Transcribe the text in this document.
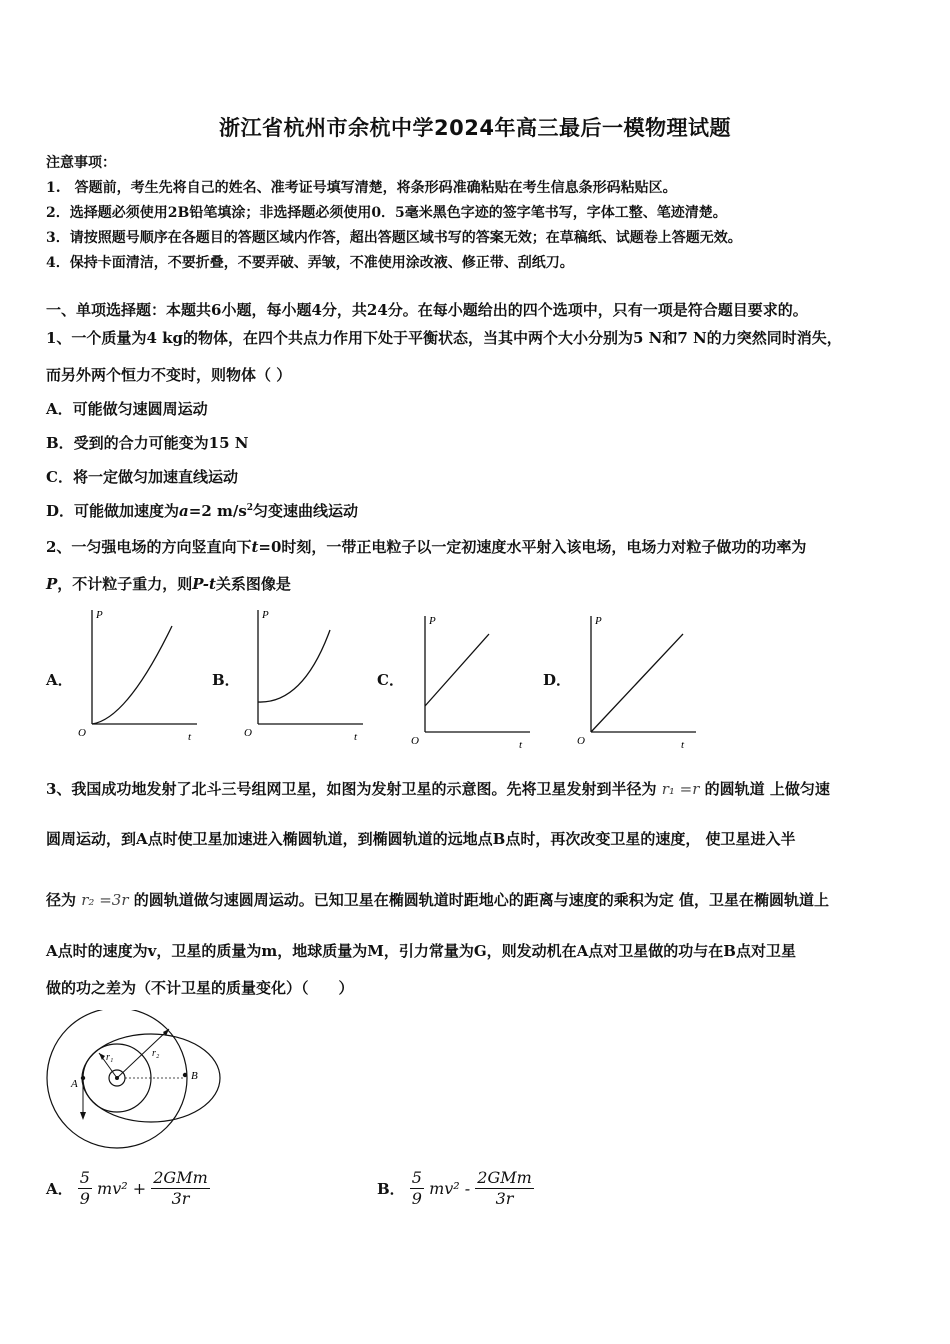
浙江省杭州市余杭中学2024年高三最后一模物理试题
注意事项：
1.　答题前，考生先将自己的姓名、准考证号填写清楚，将条形码准确粘贴在考生信息条形码粘贴区。
2．选择题必须使用2B铅笔填涂；非选择题必须使用0．5毫米黑色字迹的签字笔书写，字体工整、笔迹清楚。
3．请按照题号顺序在各题目的答题区域内作答，超出答题区域书写的答案无效；在草稿纸、试题卷上答题无效。
4．保持卡面清洁，不要折叠，不要弄破、弄皱，不准使用涂改液、修正带、刮纸刀。
一、单项选择题：本题共6小题，每小题4分，共24分。在每小题给出的四个选项中，只有一项是符合题目要求的。
1、一个质量为4 kg的物体，在四个共点力作用下处于平衡状态，当其中两个大小分别为5 N和7 N的力突然同时消失，
而另外两个恒力不变时，则物体（ ）
A．可能做匀速圆周运动
B．受到的合力可能变为15 N
C．将一定做匀加速直线运动
D．可能做加速度为a=2 $m/s^2$匀变速曲线运动
2、一匀强电场的方向竖直向下t=0时刻，一带正电粒子以一定初速度水平射入该电场，电场力对粒子做功的功率为
P，不计粒子重力，则P-t关系图像是
A．	B．	C．	D．
P
t
O
P
t
O
P
t
O
P
t
O
3、我国成功地发射了北斗三号组网卫星，如图为发射卫星的示意图。先将卫星发射到半径为 r₁ =r 的圆轨道 上做匀速
圆周运动，到A点时使卫星加速进入椭圆轨道，到椭圆轨道的远地点B点时，再次改变卫星的速度， 使卫星进入半
径为 r₂ =3r 的圆轨道做匀速圆周运动。已知卫星在椭圆轨道时距地心的距离与速度的乘积为定 值，卫星在椭圆轨道上
A点时的速度为v，卫星的质量为m，地球质量为M，引力常量为G，则发动机在A点对卫星做的功与在B点对卫星
做的功之差为（不计卫星的质量变化）（　　）
A
B
r₁	r₂
A． $\frac{5}{9} mv^2 + \frac{\text{2GMm}}{3r}$	B． $\frac{5}{9} mv^2 - \frac{\text{2GMm}}{3r}$
